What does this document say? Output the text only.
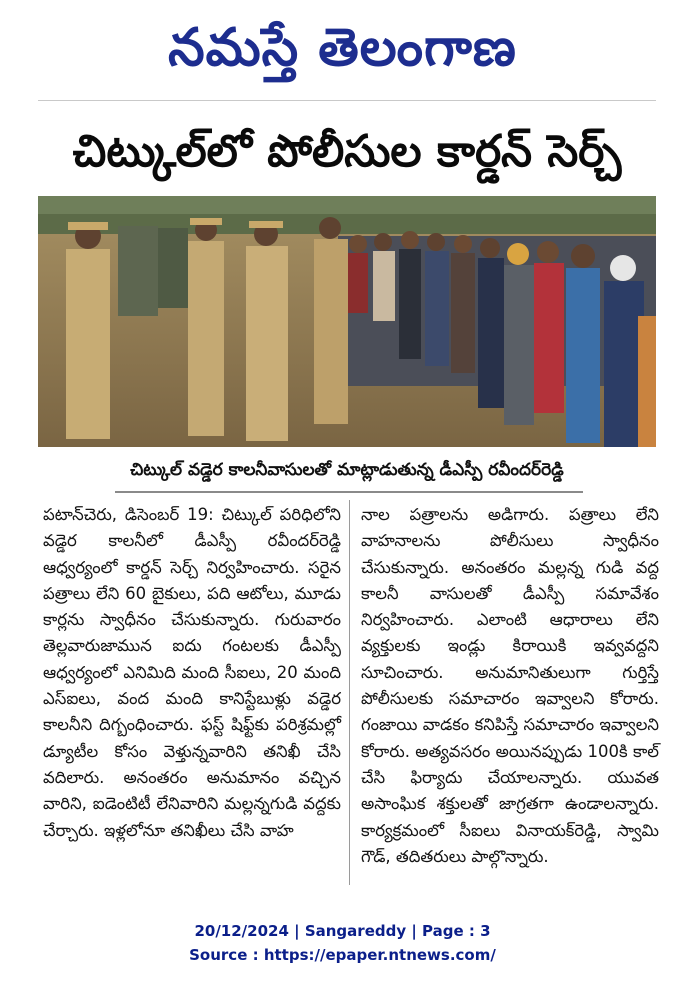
నమస్తే తెలంగాణ
చిట్కుల్‌లో పోలీసుల కార్డన్‌ సెర్చ్‌
చిట్కుల్‌ వడ్డెర కాలనీవాసులతో మాట్లాడుతున్న డీఎస్పీ రవీందర్‌రెడ్డి

పటాన్‌చెరు, డిసెంబర్‌ 19: చిట్కుల్‌ పరిధిలోని వడ్డెర కాలనీలో డీఎస్పీ రవీందర్‌రెడ్డి ఆధ్వర్యంలో కార్డన్‌ సెర్చ్‌ నిర్వహించారు. సరైన పత్రాలు లేని 60 బైకులు, పది ఆటోలు, మూడు కార్లను స్వాధీనం చేసుకున్నారు. గురువారం తెల్లవారుజామున ఐదు గంటలకు డీఎస్పీ ఆధ్వర్యంలో ఎనిమిది మంది సీఐలు, 20 మంది ఎస్‌ఐలు, వంద మంది కానిస్టేబుళ్లు వడ్డెర కాలనీని దిగ్బంధించారు. ఫస్ట్‌ షిఫ్ట్‌కు పరిశ్రమల్లో డ్యూటీల కోసం వెళ్తున్నవారిని తనిఖీ చేసి వదిలారు. అనంతరం అనుమానం వచ్చిన వారిని, ఐడెంటిటీ లేనివారిని మల్లన్నగుడి వద్దకు చేర్చారు. ఇళ్లలోనూ తనిఖీలు చేసి వాహ

నాల పత్రాలను అడిగారు. పత్రాలు లేని వాహనాలను పోలీసులు స్వాధీనం చేసుకున్నారు. అనంతరం మల్లన్న గుడి వద్ద కాలనీ వాసులతో డీఎస్పీ సమావేశం నిర్వహించారు. ఎలాంటి ఆధారాలు లేని వ్యక్తులకు ఇండ్లు కిరాయికి ఇవ్వవద్దని సూచించారు. అనుమానితులుగా గుర్తిస్తే పోలీసులకు సమాచారం ఇవ్వాలని కోరారు. గంజాయి వాడకం కనిపిస్తే సమాచారం ఇవ్వాలని కోరారు. అత్యవసరం అయినప్పుడు 100కి కాల్‌ చేసి ఫిర్యాదు చేయాలన్నారు. యువత అసాంఘిక శక్తులతో జాగ్రతగా ఉండాలన్నారు. కార్యక్రమంలో సీఐలు వినాయక్‌రెడ్డి, స్వామి గౌడ్‌, తదితరులు పాల్గొన్నారు.

20/12/2024 | Sangareddy | Page : 3
Source : https://epaper.ntnews.com/
